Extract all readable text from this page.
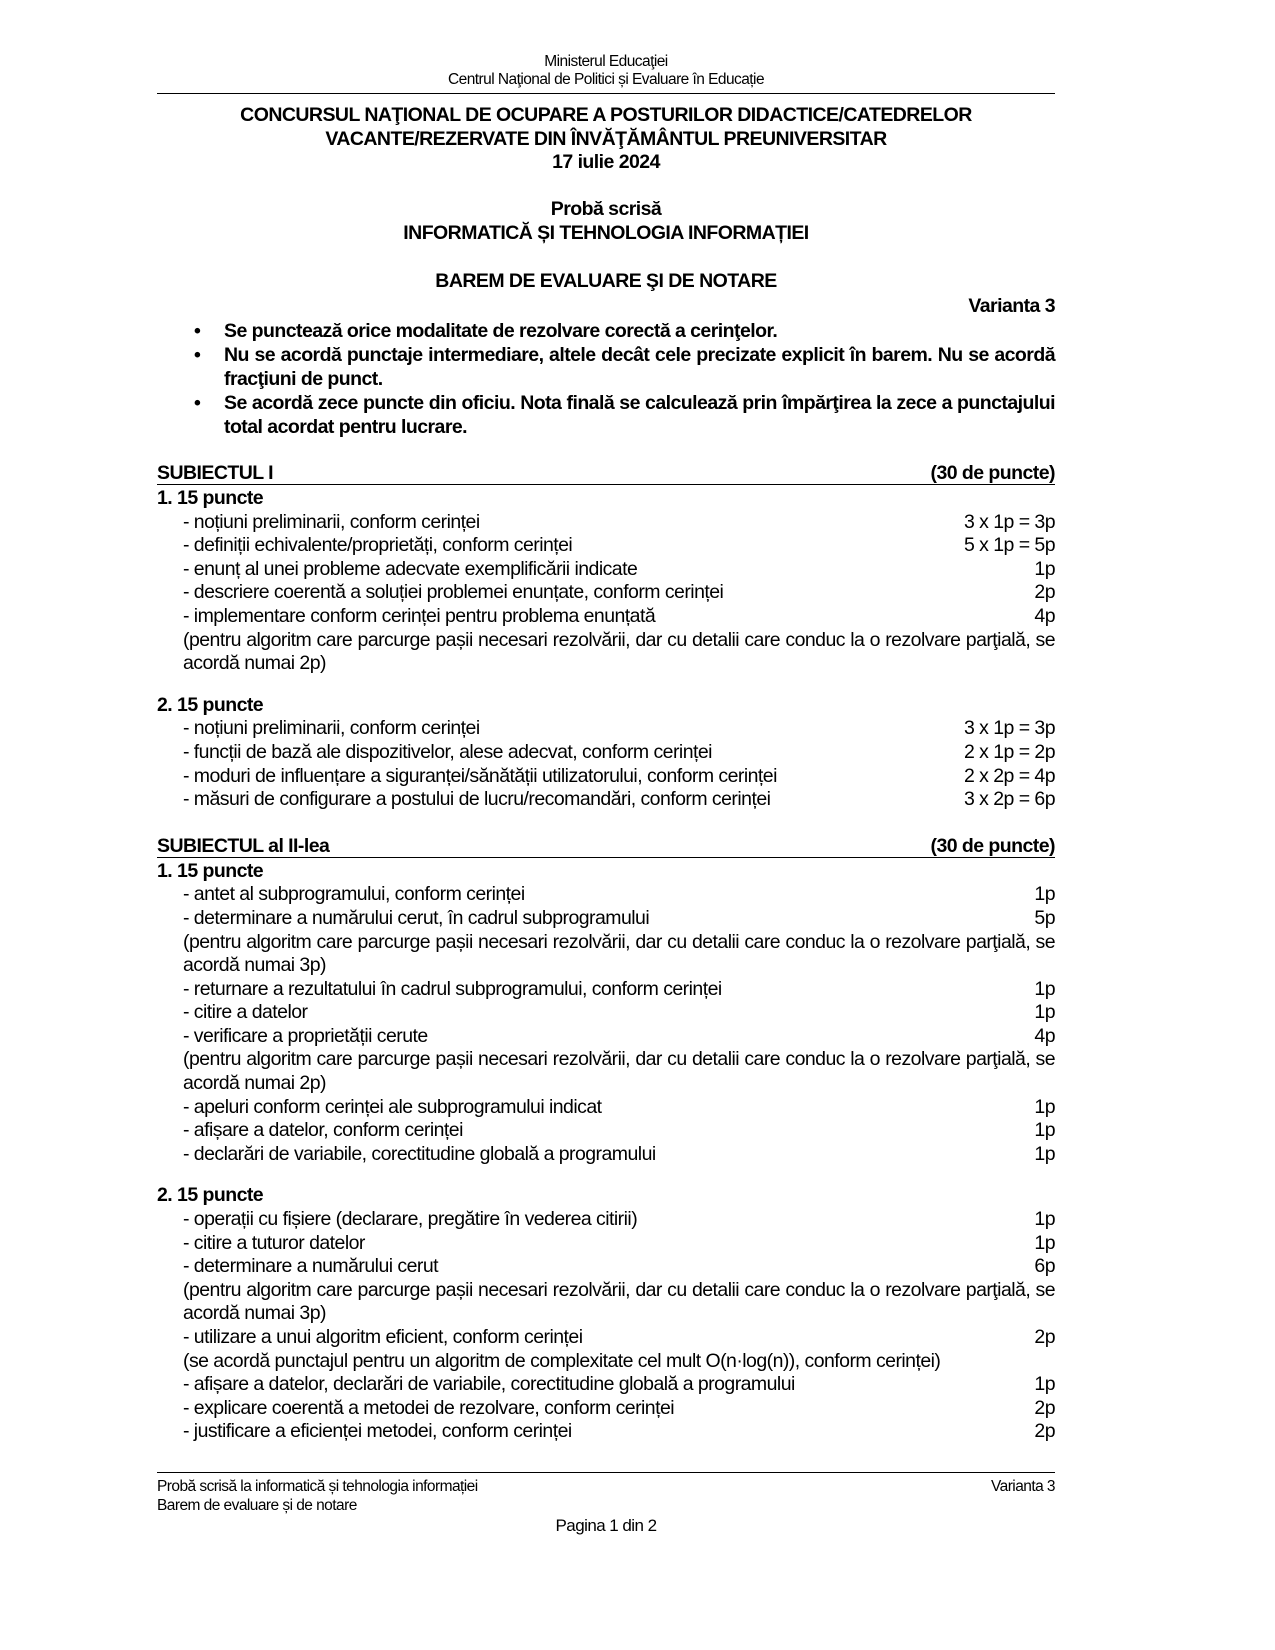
Ministerul Educaţiei
Centrul Naţional de Politici și Evaluare în Educație
CONCURSUL NAŢIONAL DE OCUPARE A POSTURILOR DIDACTICE/CATEDRELOR
VACANTE/REZERVATE DIN ÎNVĂŢĂMÂNTUL PREUNIVERSITAR
17 iulie 2024
Probă scrisă
INFORMATICĂ ȘI TEHNOLOGIA INFORMAȚIEI
BAREM DE EVALUARE ŞI DE NOTARE
Varianta 3
•	Se punctează orice modalitate de rezolvare corectă a cerinţelor.
•	Nu se acordă punctaje intermediare, altele decât cele precizate explicit în barem. Nu se acordă fracţiuni de punct.
•	Se acordă zece puncte din oficiu. Nota finală se calculează prin împărţirea la zece a punctajului total acordat pentru lucrare.
SUBIECTUL I	(30 de puncte)
1. 15 puncte
- noțiuni preliminarii, conform cerinței	3 x 1p = 3p
- definiții echivalente/proprietăți, conform cerinței	5 x 1p = 5p
- enunț al unei probleme adecvate exemplificării indicate	1p
- descriere coerentă a soluției problemei enunțate, conform cerinței	2p
- implementare conform cerinței pentru problema enunțată	4p
(pentru algoritm care parcurge pașii necesari rezolvării, dar cu detalii care conduc la o rezolvare parţială, se acordă numai 2p)
2. 15 puncte
- noțiuni preliminarii, conform cerinței	3 x 1p = 3p
- funcții de bază ale dispozitivelor, alese adecvat, conform cerinței	2 x 1p = 2p
- moduri de influențare a siguranței/sănătății utilizatorului, conform cerinței	2 x 2p = 4p
- măsuri de configurare a postului de lucru/recomandări, conform cerinței	3 x 2p = 6p
SUBIECTUL al II-lea	(30 de puncte)
1. 15 puncte
- antet al subprogramului, conform cerinței	1p
- determinare a numărului cerut, în cadrul subprogramului	5p
(pentru algoritm care parcurge pașii necesari rezolvării, dar cu detalii care conduc la o rezolvare parţială, se acordă numai 3p)
- returnare a rezultatului în cadrul subprogramului, conform cerinței	1p
- citire a datelor	1p
- verificare a proprietății cerute	4p
(pentru algoritm care parcurge pașii necesari rezolvării, dar cu detalii care conduc la o rezolvare parţială, se acordă numai 2p)
- apeluri conform cerinței ale subprogramului indicat	1p
- afișare a datelor, conform cerinței	1p
- declarări de variabile, corectitudine globală a programului	1p
2. 15 puncte
- operații cu fișiere (declarare, pregătire în vederea citirii)	1p
- citire a tuturor datelor	1p
- determinare a numărului cerut	6p
(pentru algoritm care parcurge pașii necesari rezolvării, dar cu detalii care conduc la o rezolvare parţială, se acordă numai 3p)
- utilizare a unui algoritm eficient, conform cerinței	2p
(se acordă punctajul pentru un algoritm de complexitate cel mult O(n·log(n)), conform cerinței)
- afișare a datelor, declarări de variabile, corectitudine globală a programului	1p
- explicare coerentă a metodei de rezolvare, conform cerinței	2p
- justificare a eficienței metodei, conform cerinței	2p
Probă scrisă la informatică și tehnologia informației
Barem de evaluare și de notare
Varianta 3
Pagina 1 din 2
